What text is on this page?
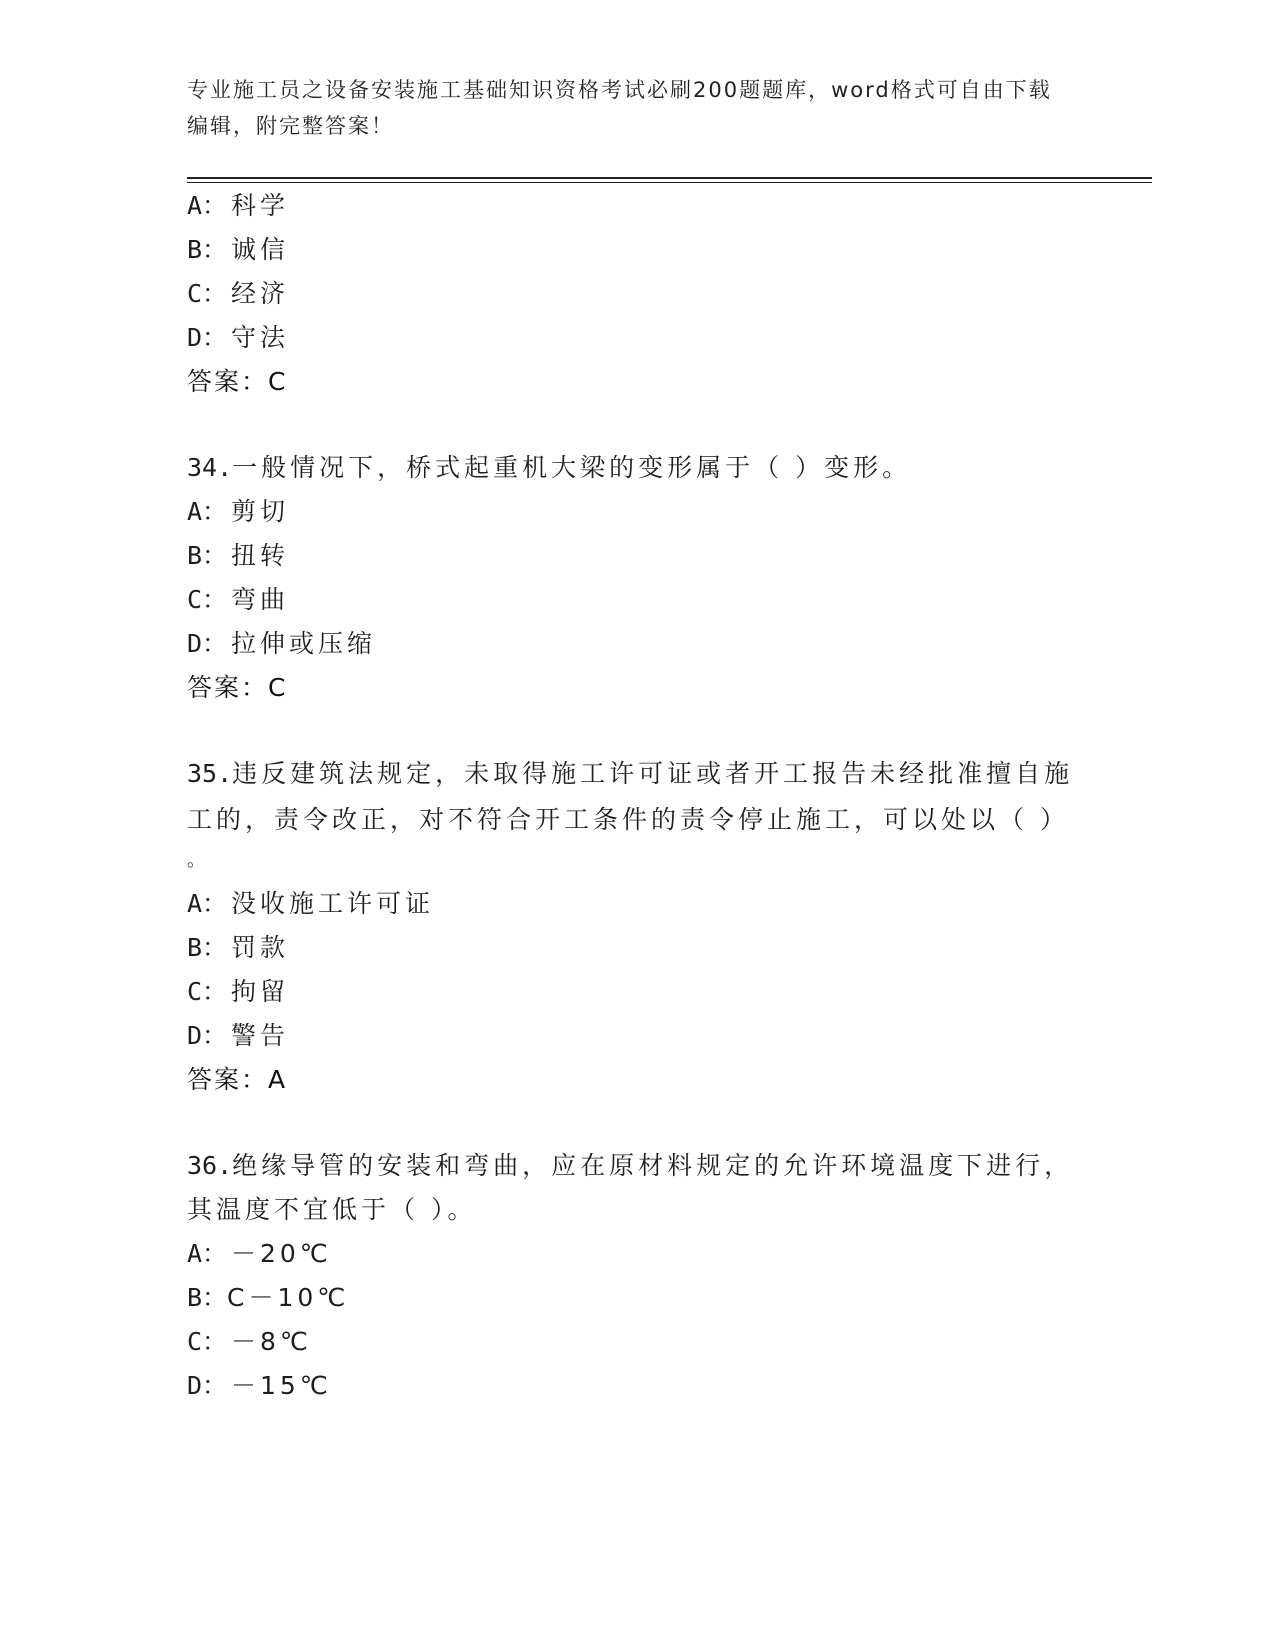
专业施工员之设备安装施工基础知识资格考试必刷200题题库，word格式可自由下载编辑，附完整答案！
A： 科学
B： 诚信
C： 经济
D： 守法
答案：C
34.一般情况下，桥式起重机大梁的变形属于（ ）变形。
A： 剪切
B： 扭转
C： 弯曲
D： 拉伸或压缩
答案：C
35.违反建筑法规定，未取得施工许可证或者开工报告未经批准擅自施
工的，责令改正，对不符合开工条件的责令停止施工，可以处以（ ）
。
A： 没收施工许可证
B： 罚款
C： 拘留
D： 警告
答案：A
36.绝缘导管的安装和弯曲，应在原材料规定的允许环境温度下进行，
其温度不宜低于（ ）。
A： －20℃
B：C－10℃
C： －8℃
D： －15℃
